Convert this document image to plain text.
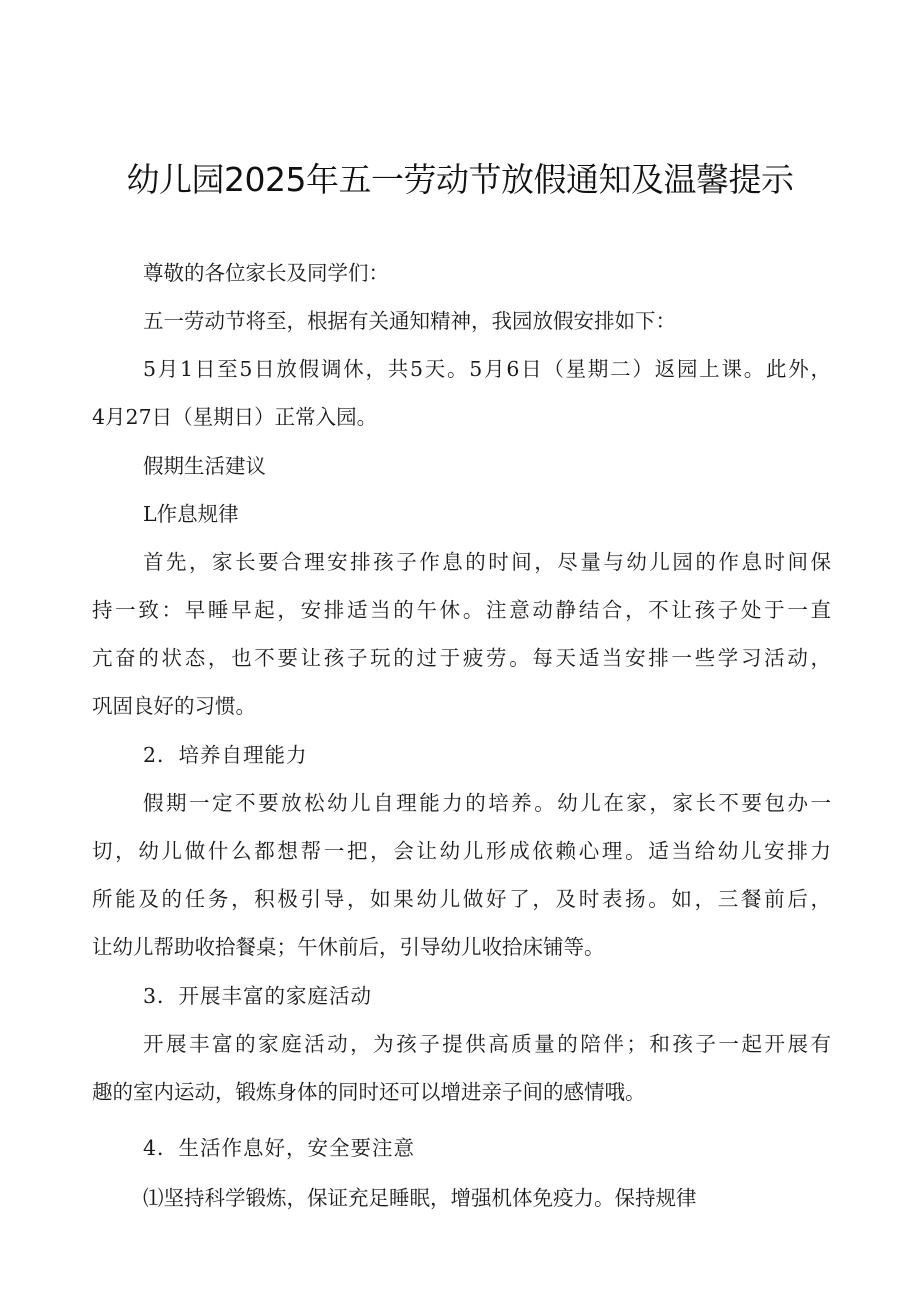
幼儿园2025年五一劳动节放假通知及温馨提示

尊敬的各位家长及同学们：

五一劳动节将至，根据有关通知精神，我园放假安排如下：

5月1日至5日放假调休，共5天。5月6日（星期二）返园上课。此外，

4月27日（星期日）正常入园。

假期生活建议

L作息规律

首先，家长要合理安排孩子作息的时间，尽量与幼儿园的作息时间保

持一致：早睡早起，安排适当的午休。注意动静结合，不让孩子处于一直

亢奋的状态，也不要让孩子玩的过于疲劳。每天适当安排一些学习活动，

巩固良好的习惯。

2．培养自理能力

假期一定不要放松幼儿自理能力的培养。幼儿在家，家长不要包办一

切，幼儿做什么都想帮一把，会让幼儿形成依赖心理。适当给幼儿安排力

所能及的任务，积极引导，如果幼儿做好了，及时表扬。如，三餐前后，

让幼儿帮助收拾餐桌；午休前后，引导幼儿收拾床铺等。

3．开展丰富的家庭活动

开展丰富的家庭活动，为孩子提供高质量的陪伴；和孩子一起开展有

趣的室内运动，锻炼身体的同时还可以增进亲子间的感情哦。

4．生活作息好，安全要注意

⑴坚持科学锻炼，保证充足睡眠，增强机体免疫力。保持规律
